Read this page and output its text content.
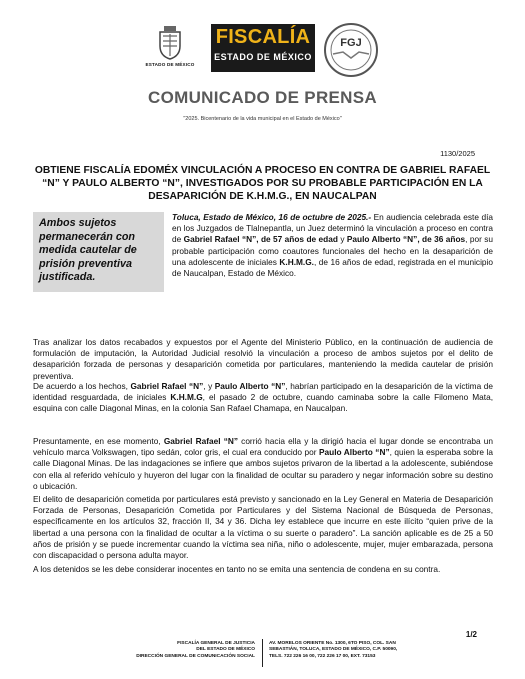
ESTADO DE MÉXICO
FISCALÍA
ESTADO DE MÉXICO
FGJ
COMUNICADO DE PRENSA
"2025. Bicentenario de la vida municipal en el Estado de México"
1130/2025
OBTIENE FISCALÍA EDOMÉX VINCULACIÓN A PROCESO EN CONTRA DE GABRIEL RAFAEL “N” Y PAULO ALBERTO “N”, INVESTIGADOS POR SU PROBABLE PARTICIPACIÓN EN LA DESAPARICIÓN DE K.H.M.G., EN NAUCALPAN
Ambos sujetos permanecerán con medida cautelar de prisión preventiva justificada.
Toluca, Estado de México, 16 de octubre de 2025.- En audiencia celebrada este día en los Juzgados de Tlalnepantla, un Juez determinó la vinculación a proceso en contra de Gabriel Rafael “N”, de 57 años de edad y Paulo Alberto “N”, de 36 años, por su probable participación como coautores funcionales del hecho en la desaparición de una adolescente de iniciales K.H.M.G., de 16 años de edad, registrada en el municipio de Naucalpan, Estado de México.
Tras analizar los datos recabados y expuestos por el Agente del Ministerio Público, en la continuación de audiencia de formulación de imputación, la Autoridad Judicial resolvió la vinculación a proceso de ambos sujetos por el delito de desaparición forzada de personas y desaparición cometida por particulares, manteniendo la medida cautelar de prisión preventiva.
De acuerdo a los hechos, Gabriel Rafael “N”, y Paulo Alberto “N”, habrían participado en la desaparición de la víctima de identidad resguardada, de iniciales K.H.M.G, el pasado 2 de octubre, cuando caminaba sobre la calle Filomeno Mata, esquina con calle Diagonal Minas, en la colonia San Rafael Chamapa, en Naucalpan.
Presuntamente, en ese momento, Gabriel Rafael “N” corrió hacia ella y la dirigió hacia el lugar donde se encontraba un vehículo marca Volkswagen, tipo sedán, color gris, el cual era conducido por Paulo Alberto “N”, quien la esperaba sobre la calle Diagonal Minas. De las indagaciones se infiere que ambos sujetos privaron de la libertad a la adolescente, subiéndose con ella al referido vehículo y huyeron del lugar con la finalidad de ocultar su paradero y negar información sobre su destino o ubicación.
El delito de desaparición cometida por particulares está previsto y sancionado en la Ley General en Materia de Desaparición Forzada de Personas, Desaparición Cometida por Particulares y del Sistema Nacional de Búsqueda de Personas, específicamente en los artículos 32, fracción II, 34 y 36. Dicha ley establece que incurre en este ilícito “quien prive de la libertad a una persona con la finalidad de ocultar a la víctima o su suerte o paradero”. La sanción aplicable es de 25 a 50 años de prisión y se puede incrementar cuando la víctima sea niña, niño o adolescente, mujer, mujer embarazada, persona con discapacidad o persona adulta mayor.
A los detenidos se les debe considerar inocentes en tanto no se emita una sentencia de condena en su contra.
1/2
FISCALÍA GENERAL DE JUSTICIA
DEL ESTADO DE MÉXICO
DIRECCIÓN GENERAL DE COMUNICACIÓN SOCIAL
AV. MORELOS ORIENTE No. 1300, 6TO PISO, COL. SAN
SEBASTIÁN, TOLUCA, ESTADO DE MÉXICO, C.P. 50090,
TELS. 722 226 16 00, 722 226 17 00, EXT. 73153
